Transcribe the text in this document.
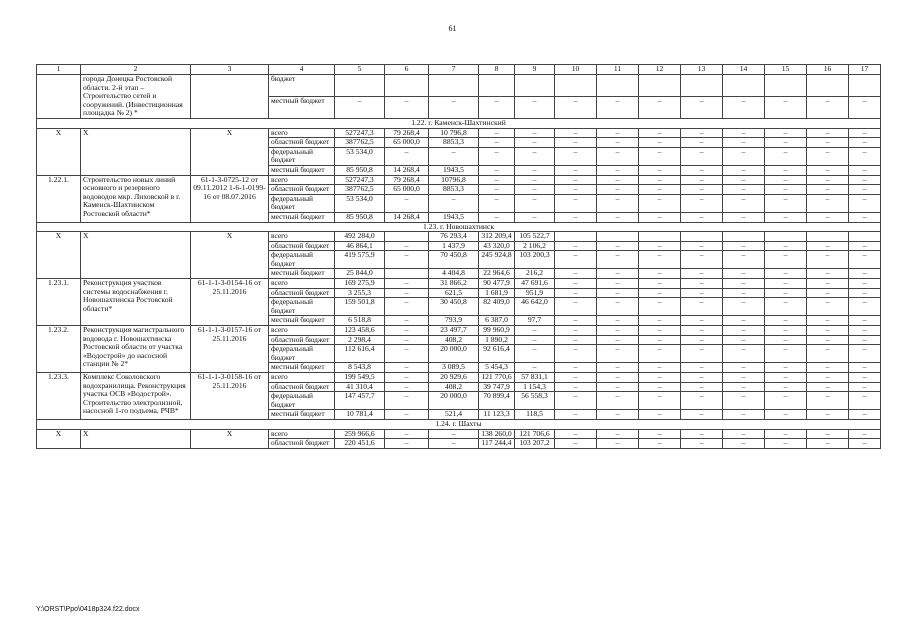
61
1	2	3	4	5	6	7	8	9	10	11	12	13	14	15	16	17
	города Донецка Ростовской области. 2-й этап – Строительство сетей и сооружений. (Инвестиционная площадка № 2) *		бюджет													
			местный бюджет	–	–	–	–	–	–	–	–	–	–	–	–	–
1.22. г. Каменск-Шахтинский																
X	X	X	всего	527247,3	79 268,4	10 796,8	–	–	–	–	–	–	–	–	–	–
			областной бюджет	387762,5	65 000,0	8853,3	–	–	–	–	–	–	–	–	–	–
			федеральный бюджет	53 534,0	–	–	–	–	–	–	–	–	–	–	–	–
			местный бюджет	85 950,8	14 268,4	1943,5	–	–	–	–	–	–	–	–	–	–
1.22.1.	Строительство новых линий основного и резервного водоводов мкр. Лиховской в г. Каменск-Шахтинском Ростовской области*	61-1-3-0725-12 от 09.11.2012 1-6-1-0199-16 от 08.07.2016	всего	527247,3	79 268,4	10796,8	–	–	–	–	–	–	–	–	–	–
			областной бюджет	387762,5	65 000,0	8853,3	–	–	–	–	–	–	–	–	–	–
			федеральный бюджет	53 534,0	–	–	–	–	–	–	–	–	–	–	–	–
			местный бюджет	85 950,8	14 268,4	1943,5	–	–	–	–	–	–	–	–	–	–
1.23. г. Новошахтинск																
X	X	X	всего	492 284,0		76 293,4	312 209,4	105 522,7								
			областной бюджет	46 864,1	–	1 437,9	43 320,0	2 106,2	–	–	–	–	–	–	–	–
			федеральный бюджет	419 575,9	–	70 450,8	245 924,8	103 200,3	–	–	–	–	–	–	–	–
			местный бюджет	25 844,0		4 404,8	22 964,6	216,2	–	–	–	–	–	–	–	–
1.23.1.	Реконструкция участков системы водоснабжения г. Новошахтинска Ростовской области*	61-1-1-3-0154-16 от 25.11.2016	всего	169 275,9	–	31 866,2	90 477,9	47 691,6	–	–	–	–	–	–	–	–
			областной бюджет	3 255,3	–	621,5	1 681,9	951,9	–	–	–	–	–	–	–	–
			федеральный бюджет	159 501,8	–	30 450,8	82 409,0	46 642,0	–	–	–	–	–	–	–	–
			местный бюджет	6 518,8	–	793,9	6 387,0	97,7	–	–	–	–	–	–	–	–
1.23.2.	Реконструкция магистрального водовода г. Новошахтинска Ростовской области от участка «Водострой» до насосной станции № 2*	61-1-1-3-0157-16 от 25.11.2016	всего	123 458,6	–	23 497,7	99 960,9	–	–	–	–	–	–	–	–	–
			областной бюджет	2 298,4	–	408,2	1 890,2	–	–	–	–	–	–	–	–	–
			федеральный бюджет	112 616,4	–	20 000,0	92 616,4	–	–	–	–	–	–	–	–	–
			местный бюджет	8 543,8	–	3 089,5	5 454,3	–	–	–	–	–	–	–	–	–
1.23.3.	Комплекс Соколовского водохранилища. Реконструкция участка ОСВ «Водострой». Строительство электролизной, насосной 1-го подъема, РЧВ*	61-1-1-3-0158-16 от 25.11.2016	всего	199 549,5	–	20 929,6	121 770,6	57 831,1	–	–	–	–	–	–	–	–
			областной бюджет	41 310,4	–	408,2	39 747,9	1 154,3	–	–	–	–	–	–	–	–
			федеральный бюджет	147 457,7	–	20 000,0	70 899,4	56 558,3	–	–	–	–	–	–	–	–
			местный бюджет	10 781,4	–	521,4	11 123,3	118,5	–	–	–	–	–	–	–	–
1.24. г. Шахты																
X	X	X	всего	259 966,6	–	–	138 260,0	121 706,6	–	–	–	–	–	–	–	–
			областной бюджет	220 451,6	–	–	117 244,4	103 207,2	–	–	–	–	–	–	–	–
Y:\ORST\Ppo\0418p324.f22.docx
